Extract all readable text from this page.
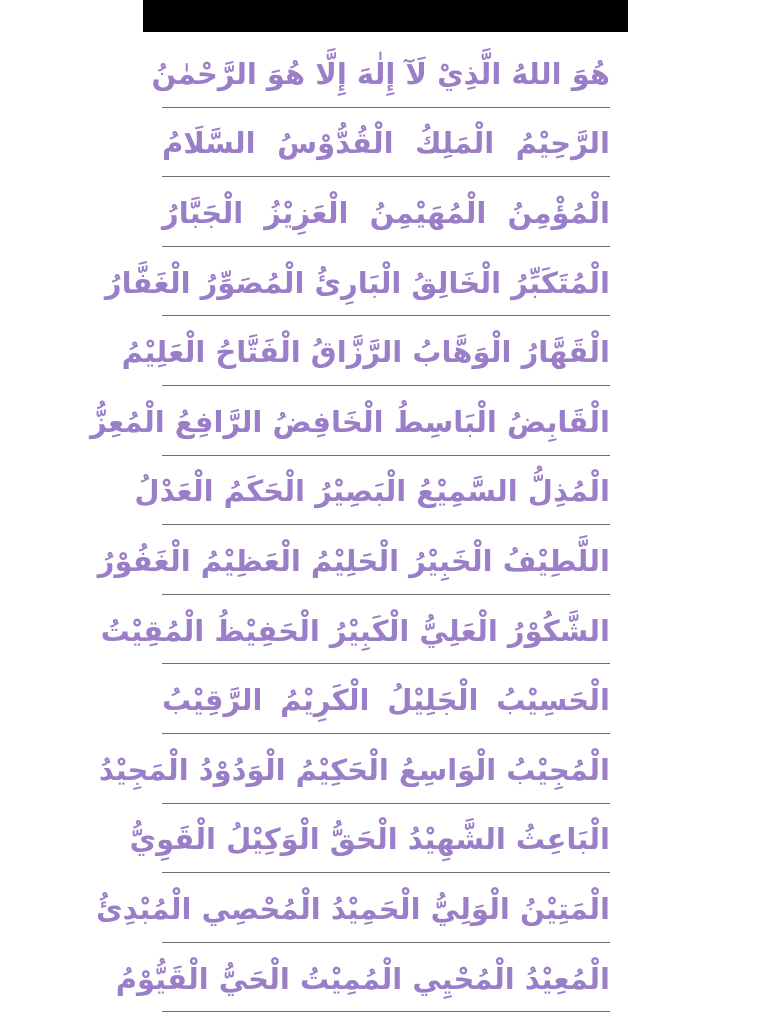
هُوَ اللهُ الَّذِيْ لَآ إِلٰهَ إِلَّا هُوَ الرَّحْمٰنُ
الرَّحِيْمُ الْمَلِكُ الْقُدُّوْسُ السَّلَامُ
الْمُؤْمِنُ الْمُهَيْمِنُ الْعَزِيْزُ الْجَبَّارُ
الْمُتَكَبِّرُ الْخَالِقُ الْبَارِئُ الْمُصَوِّرُ الْغَفَّارُ
الْقَهَّارُ الْوَهَّابُ الرَّزَّاقُ الْفَتَّاحُ الْعَلِيْمُ
الْقَابِضُ الْبَاسِطُ الْخَافِضُ الرَّافِعُ الْمُعِزُّ
الْمُذِلُّ السَّمِيْعُ الْبَصِيْرُ الْحَكَمُ الْعَدْلُ
اللَّطِيْفُ الْخَبِيْرُ الْحَلِيْمُ الْعَظِيْمُ الْغَفُوْرُ
الشَّكُوْرُ الْعَلِيُّ الْكَبِيْرُ الْحَفِيْظُ الْمُقِيْتُ
الْحَسِيْبُ الْجَلِيْلُ الْكَرِيْمُ الرَّقِيْبُ
الْمُجِيْبُ الْوَاسِعُ الْحَكِيْمُ الْوَدُوْدُ الْمَجِيْدُ
الْبَاعِثُ الشَّهِيْدُ الْحَقُّ الْوَكِيْلُ الْقَوِيُّ
الْمَتِيْنُ الْوَلِيُّ الْحَمِيْدُ الْمُحْصِي الْمُبْدِئُ
الْمُعِيْدُ الْمُحْيِي الْمُمِيْتُ الْحَيُّ الْقَيُّوْمُ
